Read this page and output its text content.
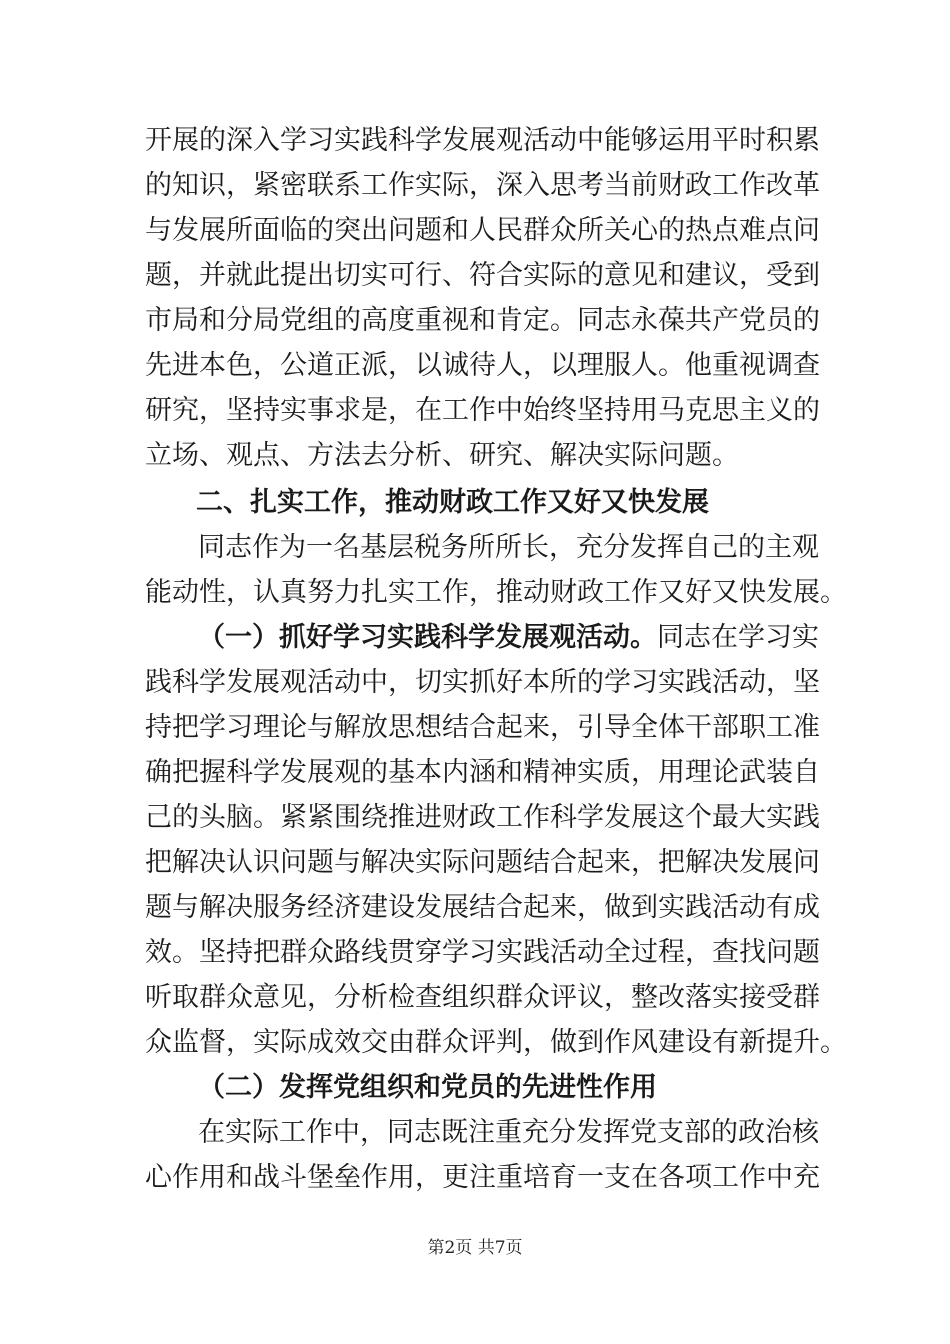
开展的深入学习实践科学发展观活动中能够运用平时积累
的知识，紧密联系工作实际，深入思考当前财政工作改革
与发展所面临的突出问题和人民群众所关心的热点难点问
题，并就此提出切实可行、符合实际的意见和建议，受到
市局和分局党组的高度重视和肯定。同志永葆共产党员的
先进本色，公道正派，以诚待人，以理服人。他重视调查
研究，坚持实事求是，在工作中始终坚持用马克思主义的
立场、观点、方法去分析、研究、解决实际问题。
二、扎实工作，推动财政工作又好又快发展
同志作为一名基层税务所所长，充分发挥自己的主观
能动性，认真努力扎实工作，推动财政工作又好又快发展。
（一）抓好学习实践科学发展观活动。同志在学习实
践科学发展观活动中，切实抓好本所的学习实践活动，坚
持把学习理论与解放思想结合起来，引导全体干部职工准
确把握科学发展观的基本内涵和精神实质，用理论武装自
己的头脑。紧紧围绕推进财政工作科学发展这个最大实践
把解决认识问题与解决实际问题结合起来，把解决发展问
题与解决服务经济建设发展结合起来，做到实践活动有成
效。坚持把群众路线贯穿学习实践活动全过程，查找问题
听取群众意见，分析检查组织群众评议，整改落实接受群
众监督，实际成效交由群众评判，做到作风建设有新提升。
（二）发挥党组织和党员的先进性作用
在实际工作中，同志既注重充分发挥党支部的政治核
心作用和战斗堡垒作用，更注重培育一支在各项工作中充
第2页 共7页
